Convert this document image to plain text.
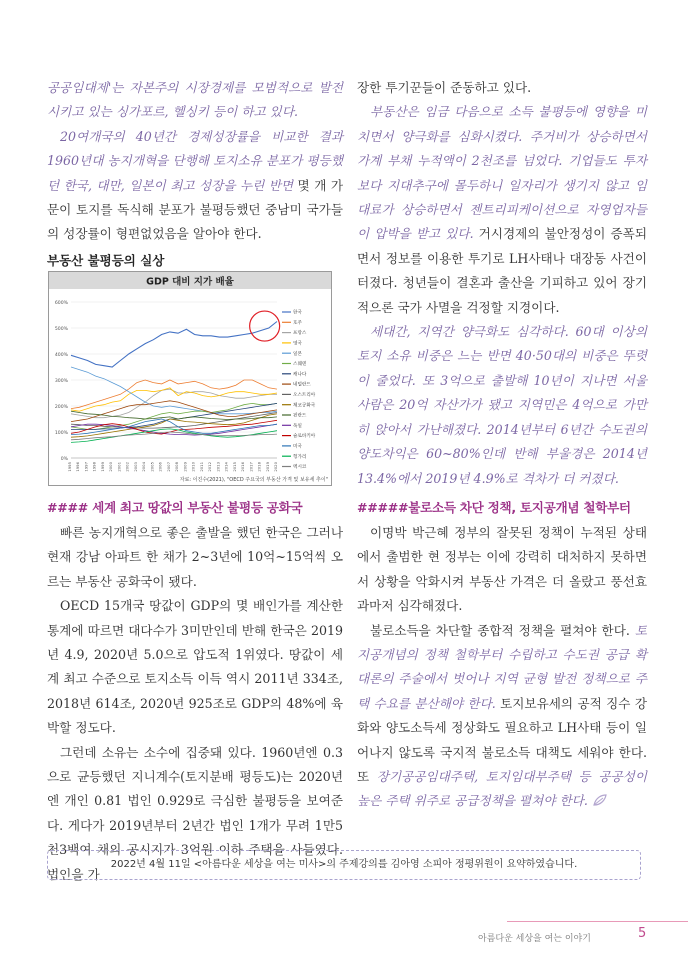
공공임대제'는 자본주의 시장경제를 모범적으로 발전시키고 있는 싱가포르, 헬싱키 등이 하고 있다.

20여개국의 40년간 경제성장률을 비교한 결과 1960년대 농지개혁을 단행해 토지소유 분포가 평등했던 한국, 대만, 일본이 최고 성장을 누린 반면 몇 개 가문이 토지를 독식해 분포가 불평등했던 중남미 국가들의 성장률이 형편없었음을 알아야 한다.

부동산 불평등의 실상
GDP 대비 지가 배율
0%
100%
200%
300%
400%
500%
600%
1995 1996 1997 1998 1999 2000 2001 2002 2003 2004 2005 2006 2007 2008 2009 2010 2011 2012 2013 2014 2015 2016 2017 2018 2019 2020
한국
호주
프랑스
영국
일본
스웨덴
캐나다
네덜란드
오스트리아
체코공화국
핀란드
독일
슬로바키아
미국
헝가리
멕시코
자료: 이진수(2021), "OECD 주요국의 부동산 가격 및 보유세 추이"
#### 세계 최고 땅값의 부동산 불평등 공화국

빠른 농지개혁으로 좋은 출발을 했던 한국은 그러나 현재 강남 아파트 한 채가 2~3년에 10억~15억씩 오르는 부동산 공화국이 됐다.

OECD 15개국 땅값이 GDP의 몇 배인가를 계산한 통계에 따르면 대다수가 3미만인데 반해 한국은 2019년 4.9, 2020년 5.0으로 압도적 1위였다. 땅값이 세계 최고 수준으로 토지소득 이득 역시 2011년 334조, 2018년 614조, 2020년 925조로 GDP의 48%에 육박할 정도다.

그런데 소유는 소수에 집중돼 있다. 1960년엔 0.3으로 균등했던 지니계수(토지분배 평등도)는 2020년엔 개인 0.81 법인 0.929로 극심한 불평등을 보여준다. 게다가 2019년부터 2년간 법인 1개가 무려 1만5천3백여 채의 공시지가 3억원 이하 주택을 사들였다. 법인을 가

장한 투기꾼들이 준동하고 있다.

부동산은 임금 다음으로 소득 불평등에 영향을 미치면서 양극화를 심화시켰다. 주거비가 상승하면서 가계 부채 누적액이 2천조를 넘었다. 기업들도 투자보다 지대추구에 몰두하니 일자리가 생기지 않고 임대료가 상승하면서 젠트리피케이션으로 자영업자들이 압박을 받고 있다. 거시경제의 불안정성이 증폭되면서 정보를 이용한 투기로 LH사태나 대장동 사건이 터졌다. 청년들이 결혼과 출산을 기피하고 있어 장기적으론 국가 사멸을 걱정할 지경이다.

세대간, 지역간 양극화도 심각하다. 60대 이상의 토지 소유 비중은 느는 반면 40·50대의 비중은 뚜렷이 줄었다. 또 3억으로 출발해 10년이 지나면 서울 사람은 20억 자산가가 됐고 지역민은 4억으로 가만히 앉아서 가난해졌다. 2014년부터 6년간 수도권의 양도차익은 60~80%인데 반해 부울경은 2014년 13.4%에서 2019년 4.9%로 격차가 더 커졌다.

#####불로소득 차단 정책, 토지공개념 철학부터

이명박 박근혜 정부의 잘못된 정책이 누적된 상태에서 출범한 현 정부는 이에 강력히 대처하지 못하면서 상황을 악화시켜 부동산 가격은 더 올랐고 풍선효과마저 심각해졌다.

불로소득을 차단할 종합적 정책을 펼쳐야 한다. 토지공개념의 정책 철학부터 수립하고 수도권 공급 확대론의 주술에서 벗어나 지역 균형 발전 정책으로 주택 수요를 분산해야 한다. 토지보유세의 공적 징수 강화와 양도소득세 정상화도 필요하고 LH사태 등이 일어나지 않도록 국지적 불로소득 대책도 세워야 한다. 또 장기공공임대주택, 토지임대부주택 등 공공성이 높은 주택 위주로 공급정책을 펼쳐야 한다.

2022년 4월 11일 <아름다운 세상을 여는 미사>의 주제강의를 김아영 소피아 정평위원이 요약하였습니다.
아름다운 세상을 여는 이야기	5
